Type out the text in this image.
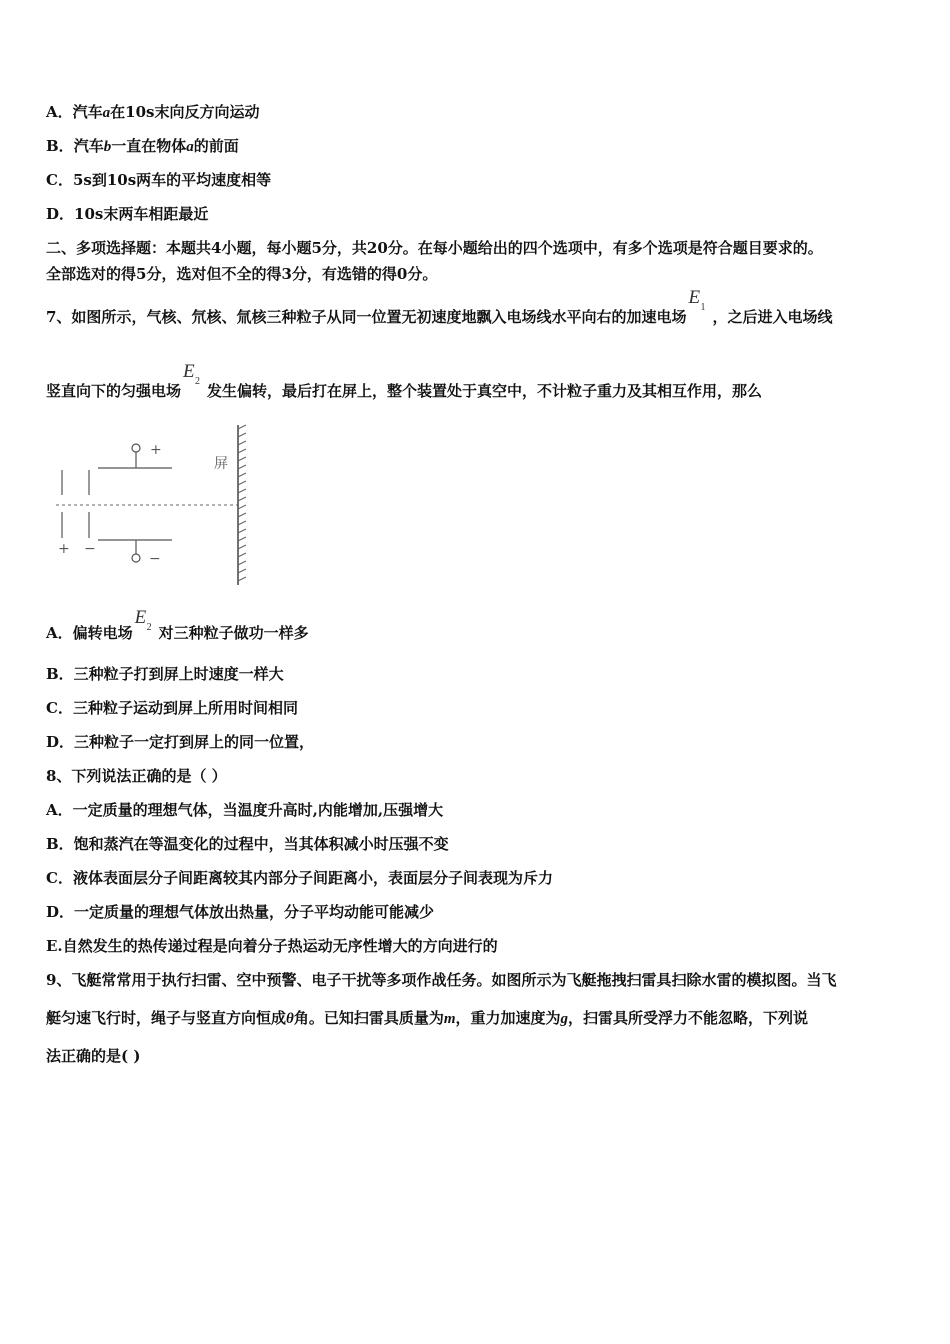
A．汽车a在10s末向反方向运动
B．汽车b一直在物体a的前面
C．5s到10s两车的平均速度相等
D．10s末两车相距最近
二、多项选择题：本题共4小题，每小题5分，共20分。在每小题给出的四个选项中，有多个选项是符合题目要求的。
全部选对的得5分，选对但不全的得3分，有选错的得0分。
7、如图所示，气核、氘核、氚核三种粒子从同一位置无初速度地飘入电场线水平向右的加速电场
E 1
，之后进入电场线
竖直向下的匀强电场
E 2
发生偏转，最后打在屏上，整个装置处于真空中，不计粒子重力及其相互作用，那么
+ −
+
−
屏
A．偏转电场
E 2 对三种粒子做功一样多
B．三种粒子打到屏上时速度一样大
C．三种粒子运动到屏上所用时间相同
D．三种粒子一定打到屏上的同一位置，
8、下列说法正确的是（ ）
A．一定质量的理想气体，当温度升高时,内能增加,压强增大
B．饱和蒸汽在等温变化的过程中，当其体积减小时压强不变
C．液体表面层分子间距离较其内部分子间距离小，表面层分子间表现为斥力
D．一定质量的理想气体放出热量，分子平均动能可能减少
E.自然发生的热传递过程是向着分子热运动无序性增大的方向进行的
9、飞艇常常用于执行扫雷、空中预警、电子干扰等多项作战任务。如图所示为飞艇拖拽扫雷具扫除水雷的模拟图。当飞
艇匀速飞行时，绳子与竖直方向恒成θ角。已知扫雷具质量为m，重力加速度为g，扫雷具所受浮力不能忽略，下列说
法正确的是( )
